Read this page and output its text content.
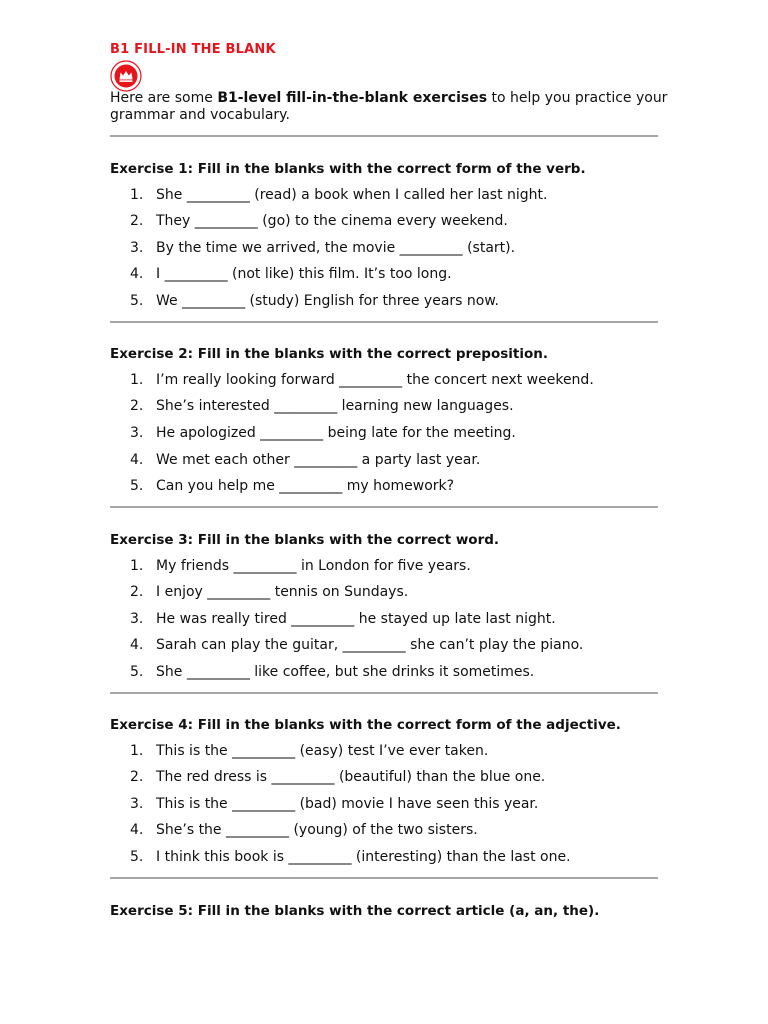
B1 FILL-IN THE BLANK
Here are some B1-level fill-in-the-blank exercises to help you practice your grammar and vocabulary.
Exercise 1: Fill in the blanks with the correct form of the verb.
1. She _________ (read) a book when I called her last night.
2. They _________ (go) to the cinema every weekend.
3. By the time we arrived, the movie _________ (start).
4. I _________ (not like) this film. It’s too long.
5. We _________ (study) English for three years now.
Exercise 2: Fill in the blanks with the correct preposition.
1. I’m really looking forward _________ the concert next weekend.
2. She’s interested _________ learning new languages.
3. He apologized _________ being late for the meeting.
4. We met each other _________ a party last year.
5. Can you help me _________ my homework?
Exercise 3: Fill in the blanks with the correct word.
1. My friends _________ in London for five years.
2. I enjoy _________ tennis on Sundays.
3. He was really tired _________ he stayed up late last night.
4. Sarah can play the guitar, _________ she can’t play the piano.
5. She _________ like coffee, but she drinks it sometimes.
Exercise 4: Fill in the blanks with the correct form of the adjective.
1. This is the _________ (easy) test I’ve ever taken.
2. The red dress is _________ (beautiful) than the blue one.
3. This is the _________ (bad) movie I have seen this year.
4. She’s the _________ (young) of the two sisters.
5. I think this book is _________ (interesting) than the last one.
Exercise 5: Fill in the blanks with the correct article (a, an, the).
